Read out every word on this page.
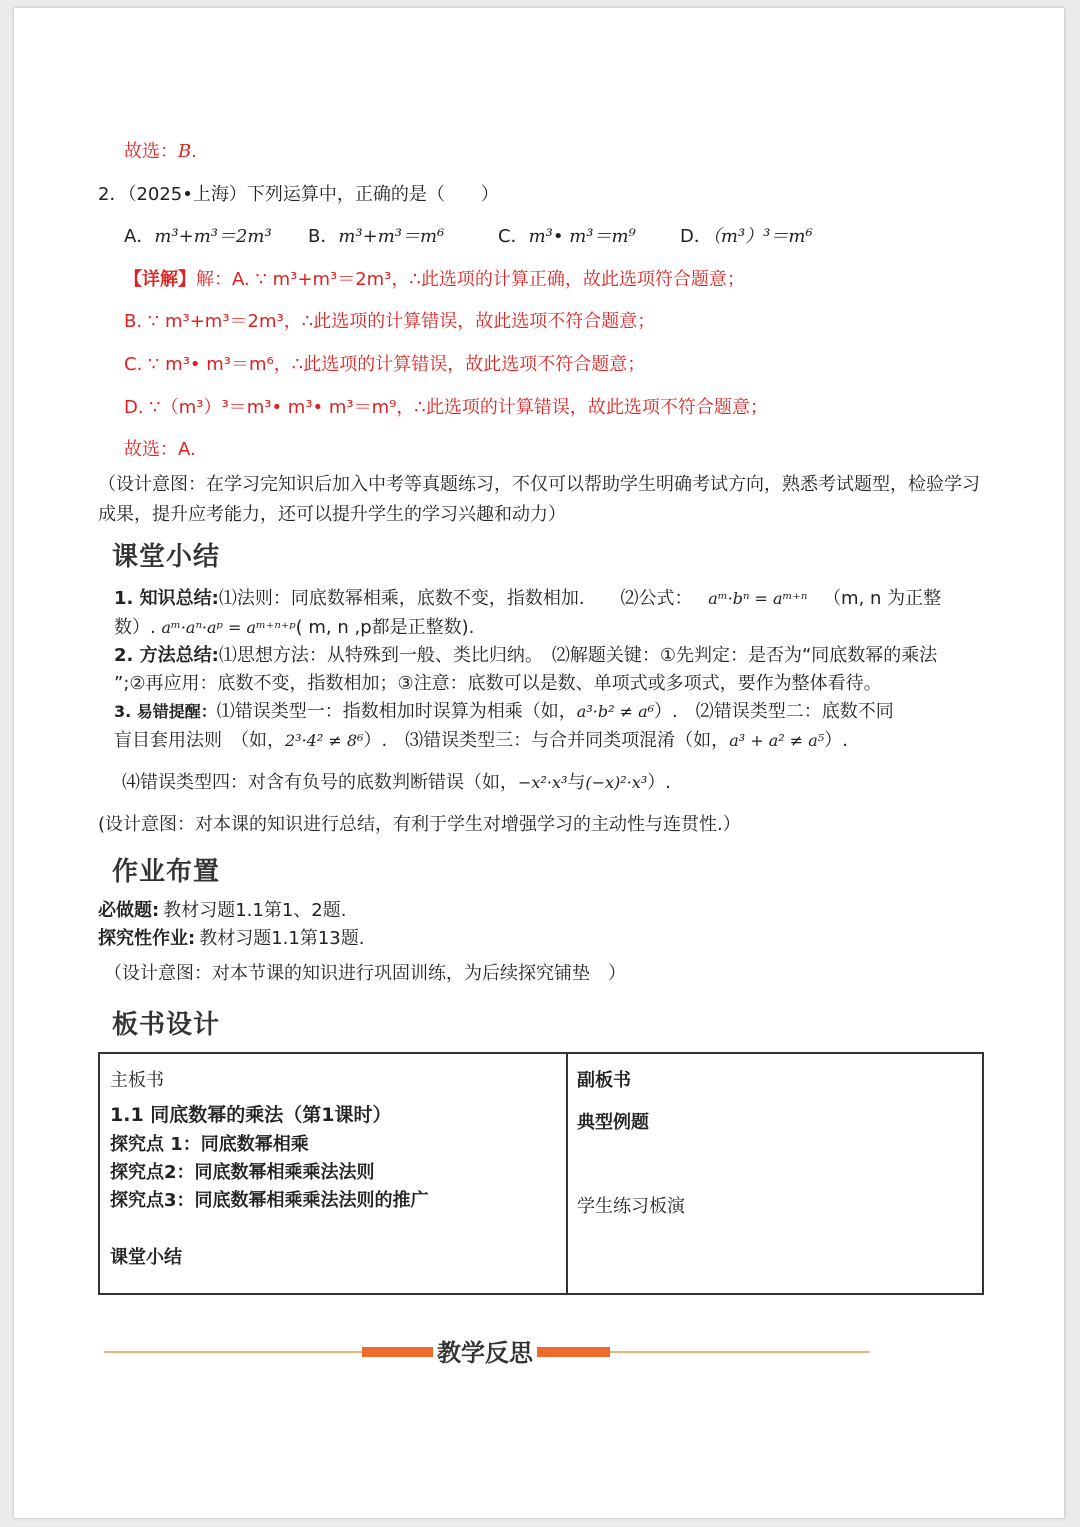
故选：B.
2．（2025•上海）下列运算中，正确的是（　　）
A．m³+m³＝2m³ B．m³+m³＝m⁶	C．m³• m³＝m⁹ D．（m³）³＝m⁶
【详解】解：A. ∵ m³+m³＝2m³，∴此选项的计算正确，故此选项符合题意；
B. ∵ m³+m³＝2m³，∴此选项的计算错误，故此选项不符合题意；
C. ∵ m³• m³＝m⁶，∴此选项的计算错误，故此选项不符合题意；
D. ∵（m³）³＝m³• m³• m³＝m⁹，∴此选项的计算错误，故此选项不符合题意；
故选：A.
（设计意图：在学习完知识后加入中考等真题练习，不仅可以帮助学生明确考试方向，熟悉考试题型，检验学习成果，提升应考能力，还可以提升学生的学习兴趣和动力）
课堂小结
1. 知识总结:⑴法则：同底数幂相乘，底数不变，指数相加.　　⑵公式： aᵐ·bⁿ = aᵐ⁺ⁿ （m, n 为正整
数）. aᵐ·aⁿ·aᵖ = aᵐ⁺ⁿ⁺ᵖ( m, n ,p都是正整数).
2. 方法总结:⑴思想方法：从特殊到一般、类比归纳。　⑵解题关键：①先判定：是否为“同底数幂的乘法
”;②再应用：底数不变，指数相加；③注意：底数可以是数、单项式或多项式，要作为整体看待。
3. 易错提醒：⑴错误类型一：指数相加时误算为相乘（如，a³·b² ≠ a⁶）.　⑵错误类型二：底数不同
盲目套用法则　（如，2³·4² ≠ 8⁶）.　⑶错误类型三：与合并同类项混淆（如，a³ + a² ≠ a⁵）.
⑷错误类型四：对含有负号的底数判断错误（如，−x²·x³与(−x)²·x³）.
(设计意图：对本课的知识进行总结，有利于学生对增强学习的主动性与连贯性.）
作业布置
必做题: 教材习题1.1第1、2题.
探究性作业: 教材习题1.1第13题.
（设计意图：对本节课的知识进行巩固训练，为后续探究铺垫　）
板书设计
主板书
1.1 同底数幂的乘法（第1课时）
探究点 1：同底数幂相乘
探究点2：同底数幂相乘乘法法则
探究点3：同底数幂相乘乘法法则的推广
课堂小结
副板书
典型例题
学生练习板演
教学反思
